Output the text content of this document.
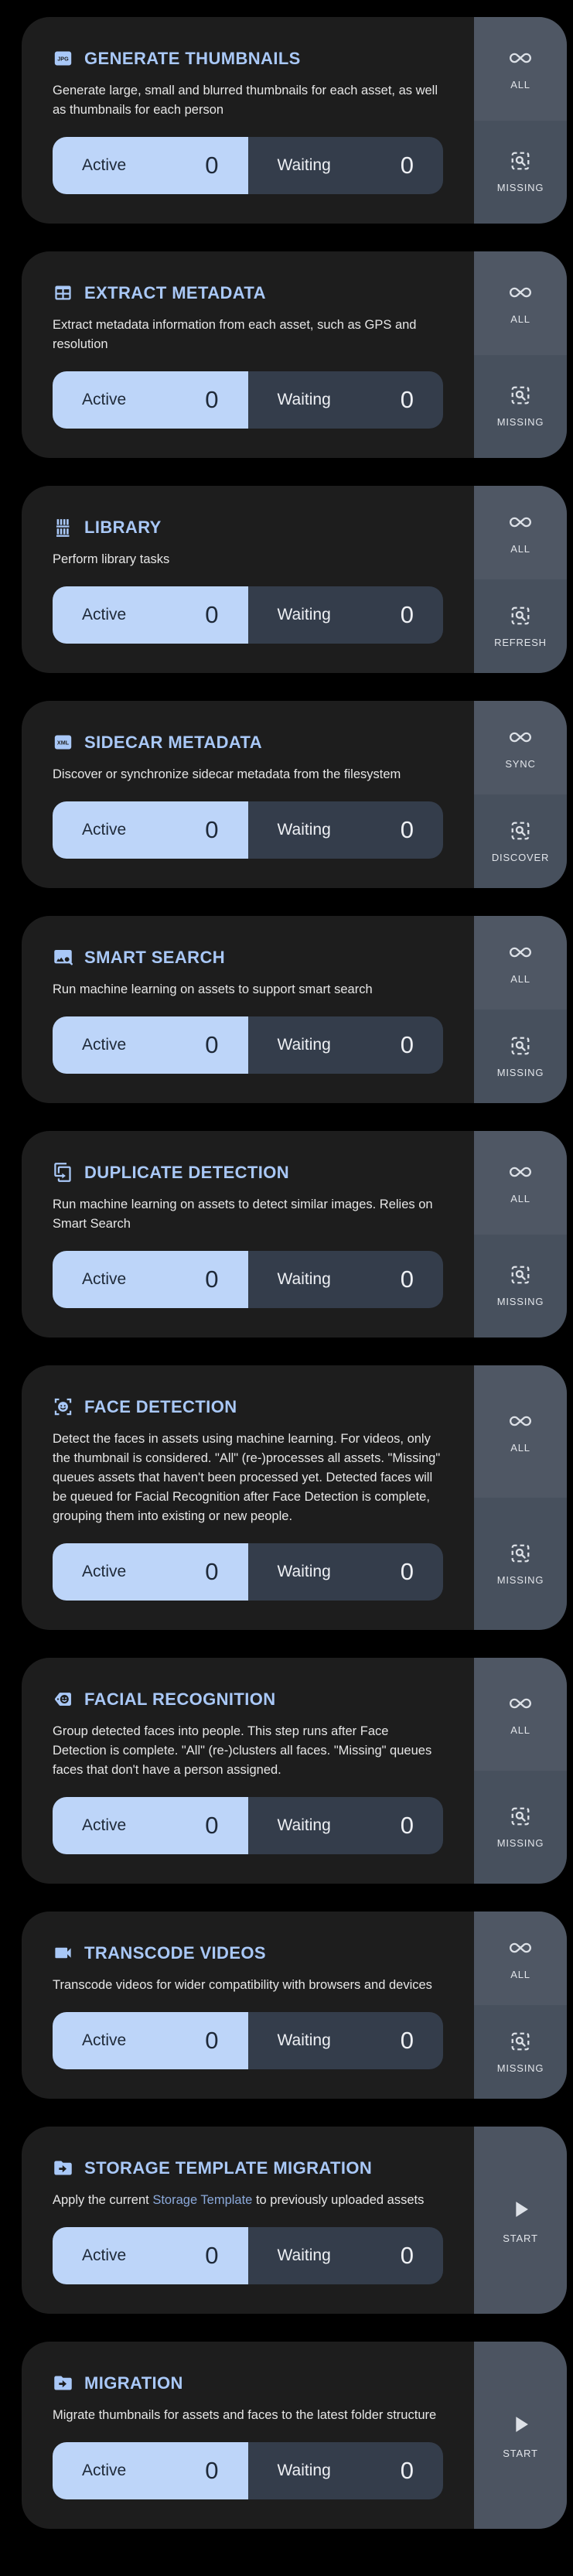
JPG GENERATE THUMBNAILS

Generate large, small and blurred thumbnails for each asset, as well as thumbnails for each person

Active	0	Waiting	0
ALL
MISSING
EXTRACT METADATA

Extract metadata information from each asset, such as GPS and resolution

Active	0	Waiting	0
ALL
MISSING
LIBRARY

Perform library tasks

Active	0	Waiting	0
ALL
REFRESH
XML SIDECAR METADATA

Discover or synchronize sidecar metadata from the filesystem

Active	0	Waiting	0
SYNC
DISCOVER
SMART SEARCH

Run machine learning on assets to support smart search

Active	0	Waiting	0
ALL
MISSING
DUPLICATE DETECTION

Run machine learning on assets to detect similar images. Relies on Smart Search

Active	0	Waiting	0
ALL
MISSING
FACE DETECTION

Detect the faces in assets using machine learning. For videos, only the thumbnail is considered. "All" (re-)processes all assets. "Missing" queues assets that haven't been processed yet. Detected faces will be queued for Facial Recognition after Face Detection is complete, grouping them into existing or new people.

Active	0	Waiting	0
ALL
MISSING
FACIAL RECOGNITION

Group detected faces into people. This step runs after Face Detection is complete. "All" (re-)clusters all faces. "Missing" queues faces that don't have a person assigned.

Active	0	Waiting	0
ALL
MISSING
TRANSCODE VIDEOS

Transcode videos for wider compatibility with browsers and devices

Active	0	Waiting	0
ALL
MISSING
STORAGE TEMPLATE MIGRATION

Apply the current Storage Template to previously uploaded assets

Active	0	Waiting	0
START
MIGRATION

Migrate thumbnails for assets and faces to the latest folder structure

Active	0	Waiting	0
START
